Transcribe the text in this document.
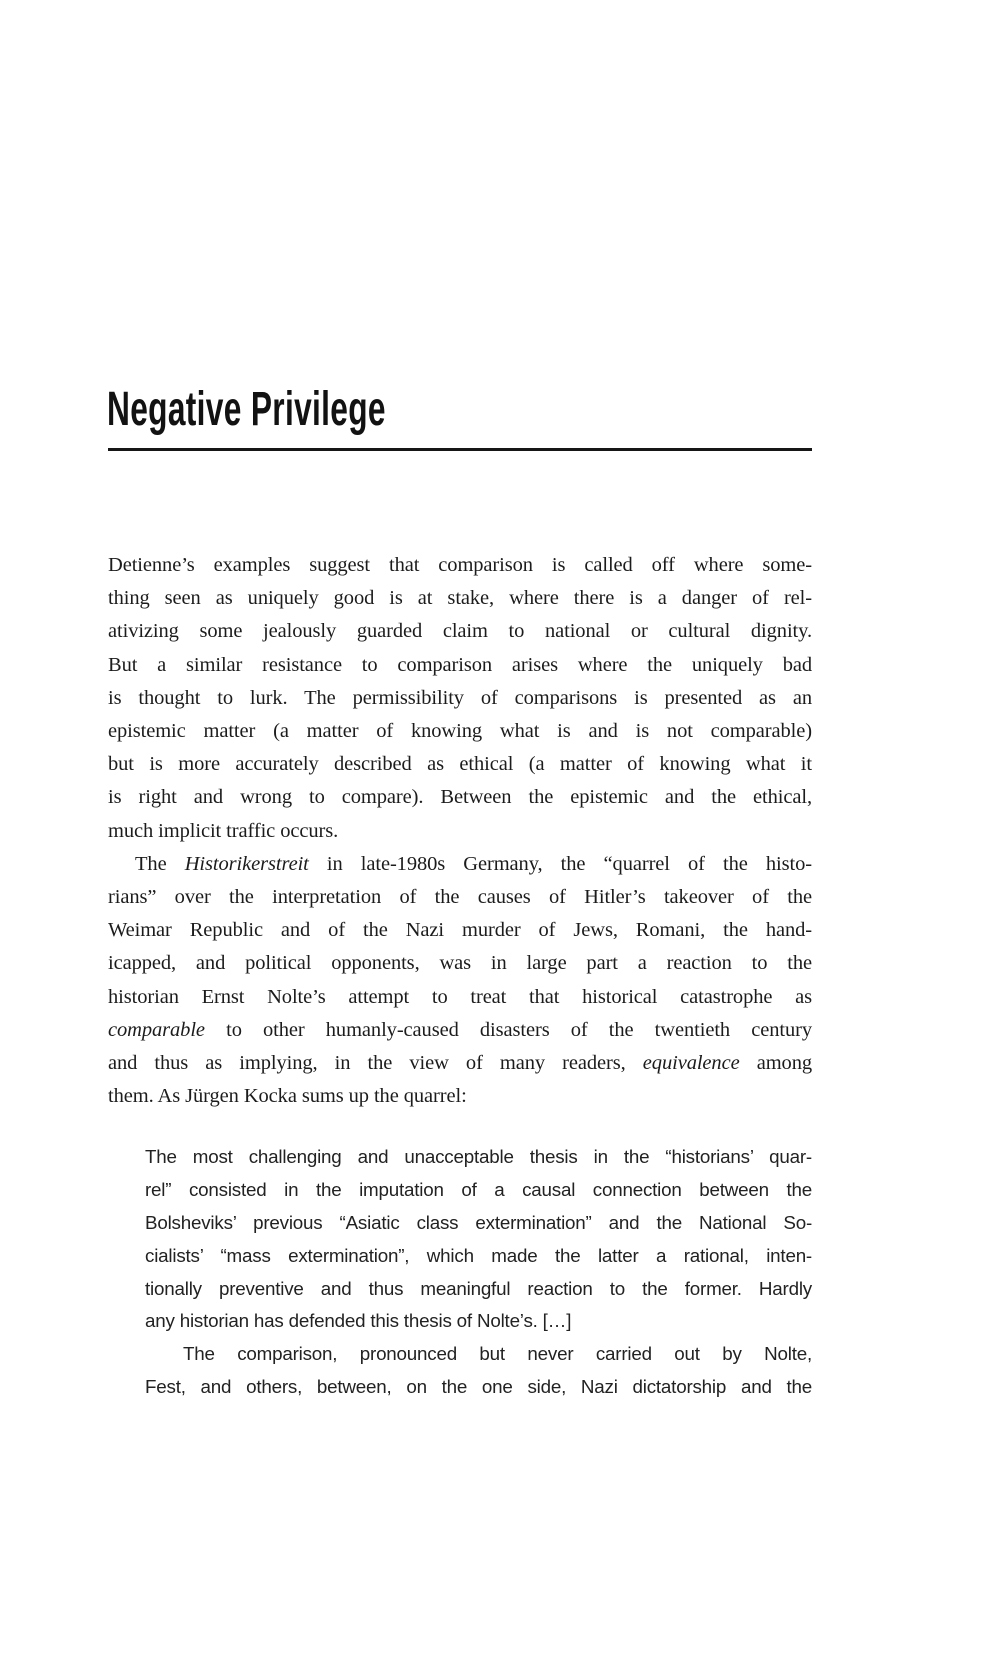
Negative Privilege
Detienne’s examples suggest that comparison is called off where some-
thing seen as uniquely good is at stake, where there is a danger of rel-
ativizing some jealously guarded claim to national or cultural dignity.
But a similar resistance to comparison arises where the uniquely bad
is thought to lurk. The permissibility of comparisons is presented as an
epistemic matter (a matter of knowing what is and is not comparable)
but is more accurately described as ethical (a matter of knowing what it
is right and wrong to compare). Between the epistemic and the ethical,
much implicit traffic occurs.
The Historikerstreit in late-1980s Germany, the “quarrel of the histo-
rians” over the interpretation of the causes of Hitler’s takeover of the
Weimar Republic and of the Nazi murder of Jews, Romani, the hand-
icapped, and political opponents, was in large part a reaction to the
historian Ernst Nolte’s attempt to treat that historical catastrophe as
comparable to other humanly-caused disasters of the twentieth century
and thus as implying, in the view of many readers, equivalence among
them. As Jürgen Kocka sums up the quarrel:
The most challenging and unacceptable thesis in the “historians’ quar-
rel” consisted in the imputation of a causal connection between the
Bolsheviks’ previous “Asiatic class extermination” and the National So-
cialists’ “mass extermination”, which made the latter a rational, inten-
tionally preventive and thus meaningful reaction to the former. Hardly
any historian has defended this thesis of Nolte’s. […]
The comparison, pronounced but never carried out by Nolte,
Fest, and others, between, on the one side, Nazi dictatorship and the
